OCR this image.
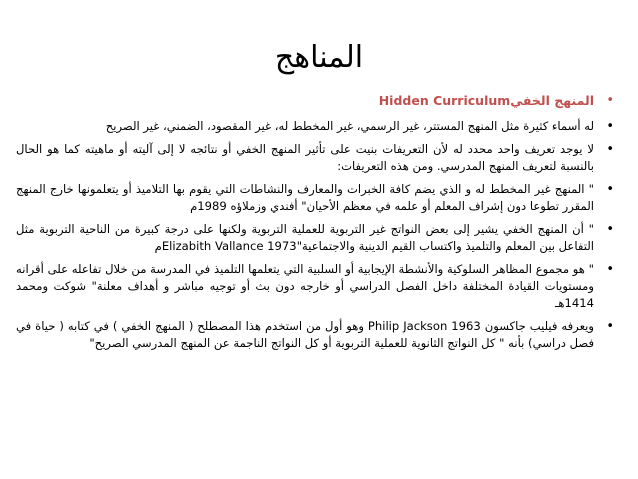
المناهج
•
المنهج الخفيHidden Curriculum
•
له أسماء كثيرة مثل المنهج المستتر، غير الرسمي، غير المخطط له، غير المقصود، الضمني، غير الصريح
•
لا يوجد تعريف واحد محدد له لأن التعريفات بنيت على تأثير المنهج الخفي أو نتائجه لا إلى آليته أو ماهيته كما هو الحال بالنسبة لتعريف المنهج المدرسي. ومن هذه التعريفات:
•
" المنهج غير المخطط له و الذي يضم كافة الخبرات والمعارف والنشاطات التي يقوم بها التلاميذ أو يتعلمونها خارج المنهج المقرر تطوعا دون إشراف المعلم أو علمه في معظم الأحيان" أفندي وزملاؤه 1989م
•
" أن المنهج الخفي يشير إلى بعض النواتج غير التربوية للعملية التربوية ولكنها على درجة كبيرة من الناحية التربوية مثل التفاعل بين المعلم والتلميذ واكتساب القيم الدينية والاجتماعية"Elizabith Vallance 1973م
•
" هو مجموع المظاهر السلوكية والأنشطة الإيجابية أو السلبية التي يتعلمها التلميذ في المدرسة من خلال تفاعله على أقرانه ومستويات القيادة المختلفة داخل الفصل الدراسي أو خارجه دون بث أو توجيه مباشر و أهداف معلنة" شوكت ومحمد 1414هـ
•
ويعرفه فيليب جاكسون Philip Jackson 1963 وهو أول من استخدم هذا المصطلح ( المنهج الخفي ) في كتابه ( حياة في فصل دراسي) بأنه " كل النواتج الثانوية للعملية التربوية أو كل النواتج الناجمة عن المنهج المدرسي الصريح"
